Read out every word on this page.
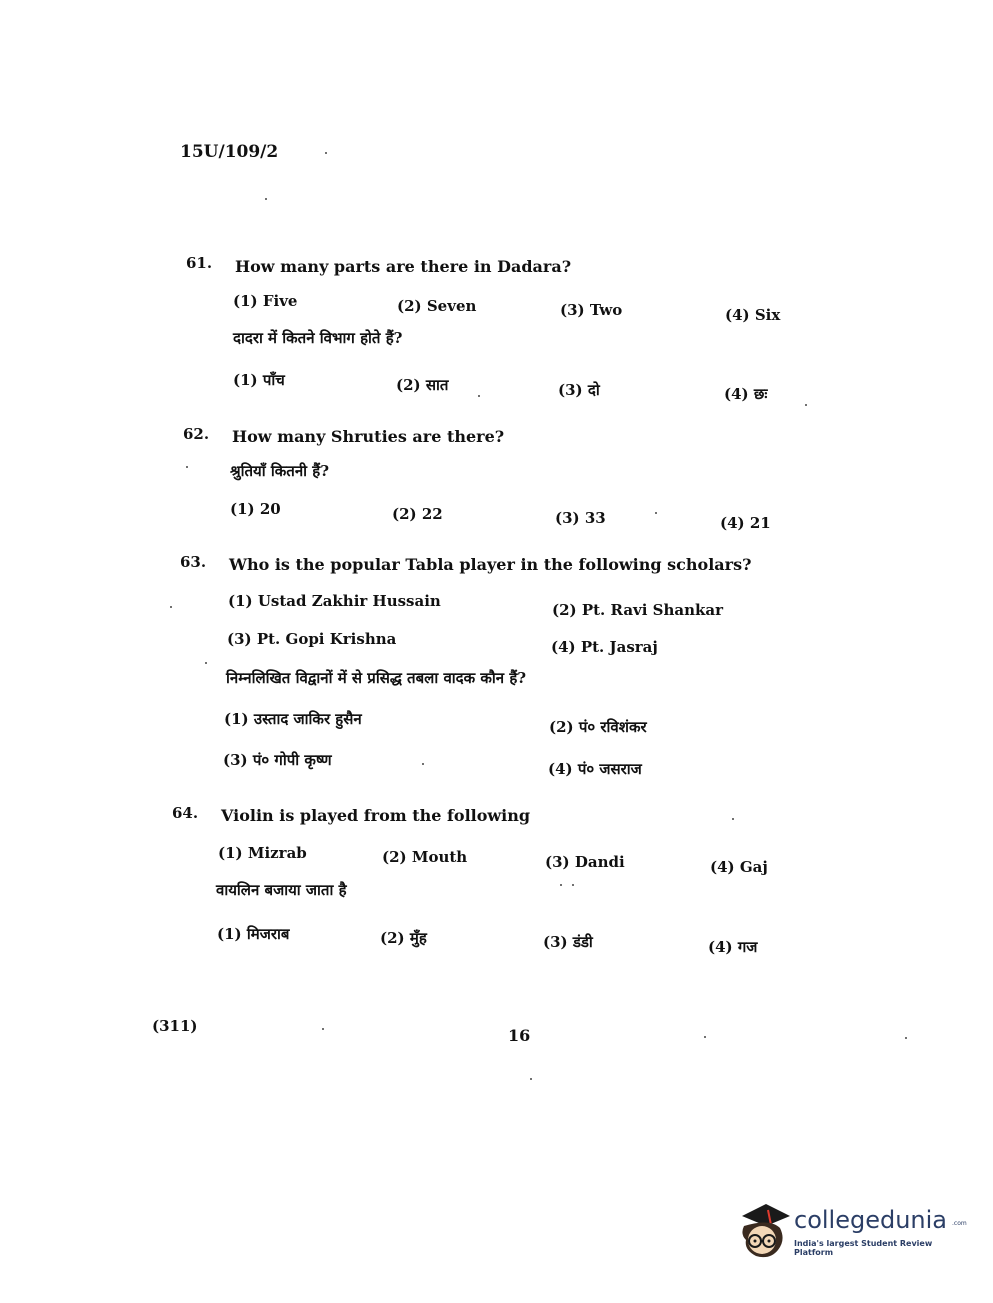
15U/109/2
61. How many parts are there in Dadara?
(1) Five	(2) Seven	(3) Two	(4) Six
दादरा में कितने विभाग होते हैं?
(1) पाँच	(2) सात	(3) दो	(4) छः
62. How many Shruties are there?
श्रुतियाँ कितनी हैं?
(1) 20	(2) 22	(3) 33	(4) 21
63. Who is the popular Tabla player in the following scholars?
(1) Ustad Zakhir Hussain	(2) Pt. Ravi Shankar
(3) Pt. Gopi Krishna	(4) Pt. Jasraj
निम्नलिखित विद्वानों में से प्रसिद्ध तबला वादक कौन हैं?
(1) उस्ताद जाकिर हुसैन	(2) पं० रविशंकर
(3) पं० गोपी कृष्ण	(4) पं० जसराज
64. Violin is played from the following
(1) Mizrab	(2) Mouth	(3) Dandi	(4) Gaj
वायलिन बजाया जाता है
(1) मिजराब	(2) मुँह	(3) डंडी	(4) गज
(311)	16
collegedunia .com
India's largest Student Review Platform
